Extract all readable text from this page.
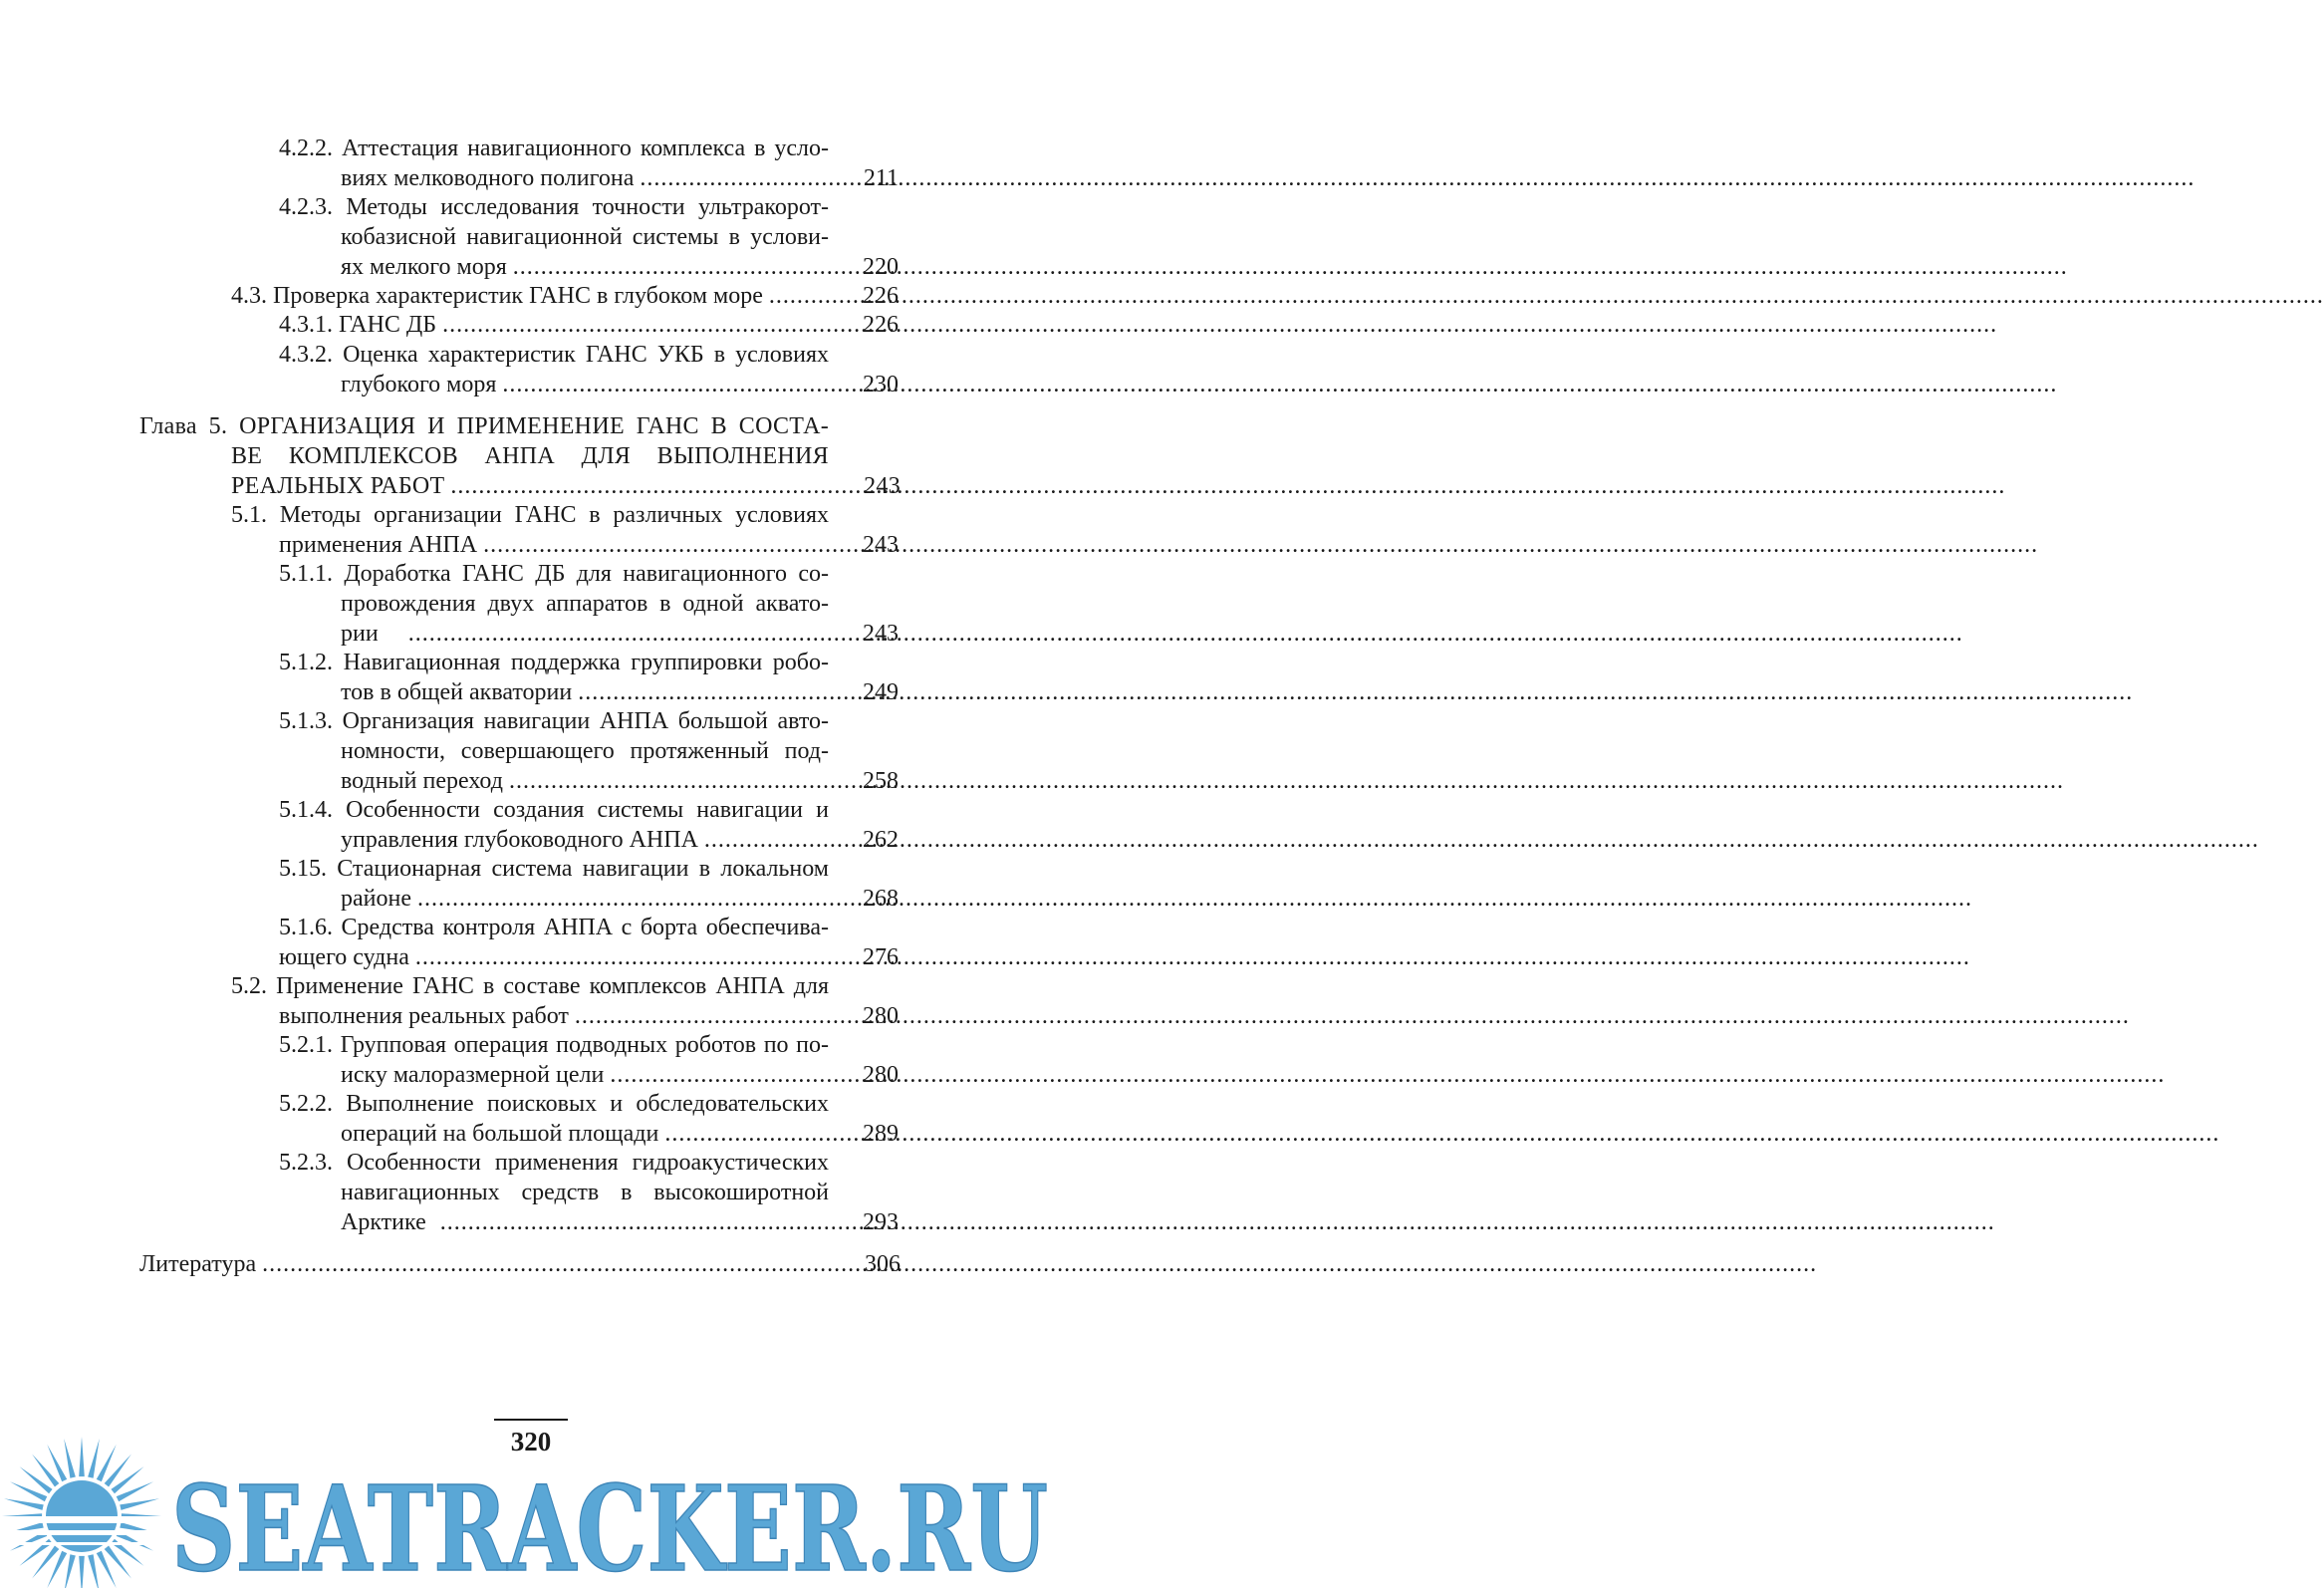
4.2.2. Аттестация навигационного комплекса в усло-
виях мелководного полигона .....	211
4.2.3. Методы исследования точности ультракорот-
кобазисной навигационной системы в услови-
ях мелкого моря .....	220
4.3. Проверка характеристик ГАНС в глубоком море .....	226
4.3.1. ГАНС ДБ .....	226
4.3.2. Оценка характеристик ГАНС УКБ в условиях
глубокого моря .....	230
Глава 5. ОРГАНИЗАЦИЯ И ПРИМЕНЕНИЕ ГАНС В СОСТА-
ВЕ КОМПЛЕКСОВ АНПА ДЛЯ ВЫПОЛНЕНИЯ
РЕАЛЬНЫХ РАБОТ .....	243
5.1. Методы организации ГАНС в различных условиях
применения АНПА .....	243
5.1.1. Доработка ГАНС ДБ для навигационного со-
провождения двух аппаратов в одной аквато-
рии .....	243
5.1.2. Навигационная поддержка группировки робо-
тов в общей акватории .....	249
5.1.3. Организация навигации АНПА большой авто-
номности, совершающего протяженный под-
водный переход .....	258
5.1.4. Особенности создания системы навигации и
управления глубоководного АНПА .....	262
5.15. Стационарная система навигации в локальном
районе .....	268
5.1.6. Средства контроля АНПА с борта обеспечива-
ющего судна .....	276
5.2. Применение ГАНС в составе комплексов АНПА для
выполнения реальных работ .....	280
5.2.1. Групповая операция подводных роботов по по-
иску малоразмерной цели .....	280
5.2.2. Выполнение поисковых и обследовательских
операций на большой площади .....	289
5.2.3. Особенности применения гидроакустических
навигационных средств в высокоширотной
Арктике .....	293
Литература .....	306
320
SEATRACKER.RU
